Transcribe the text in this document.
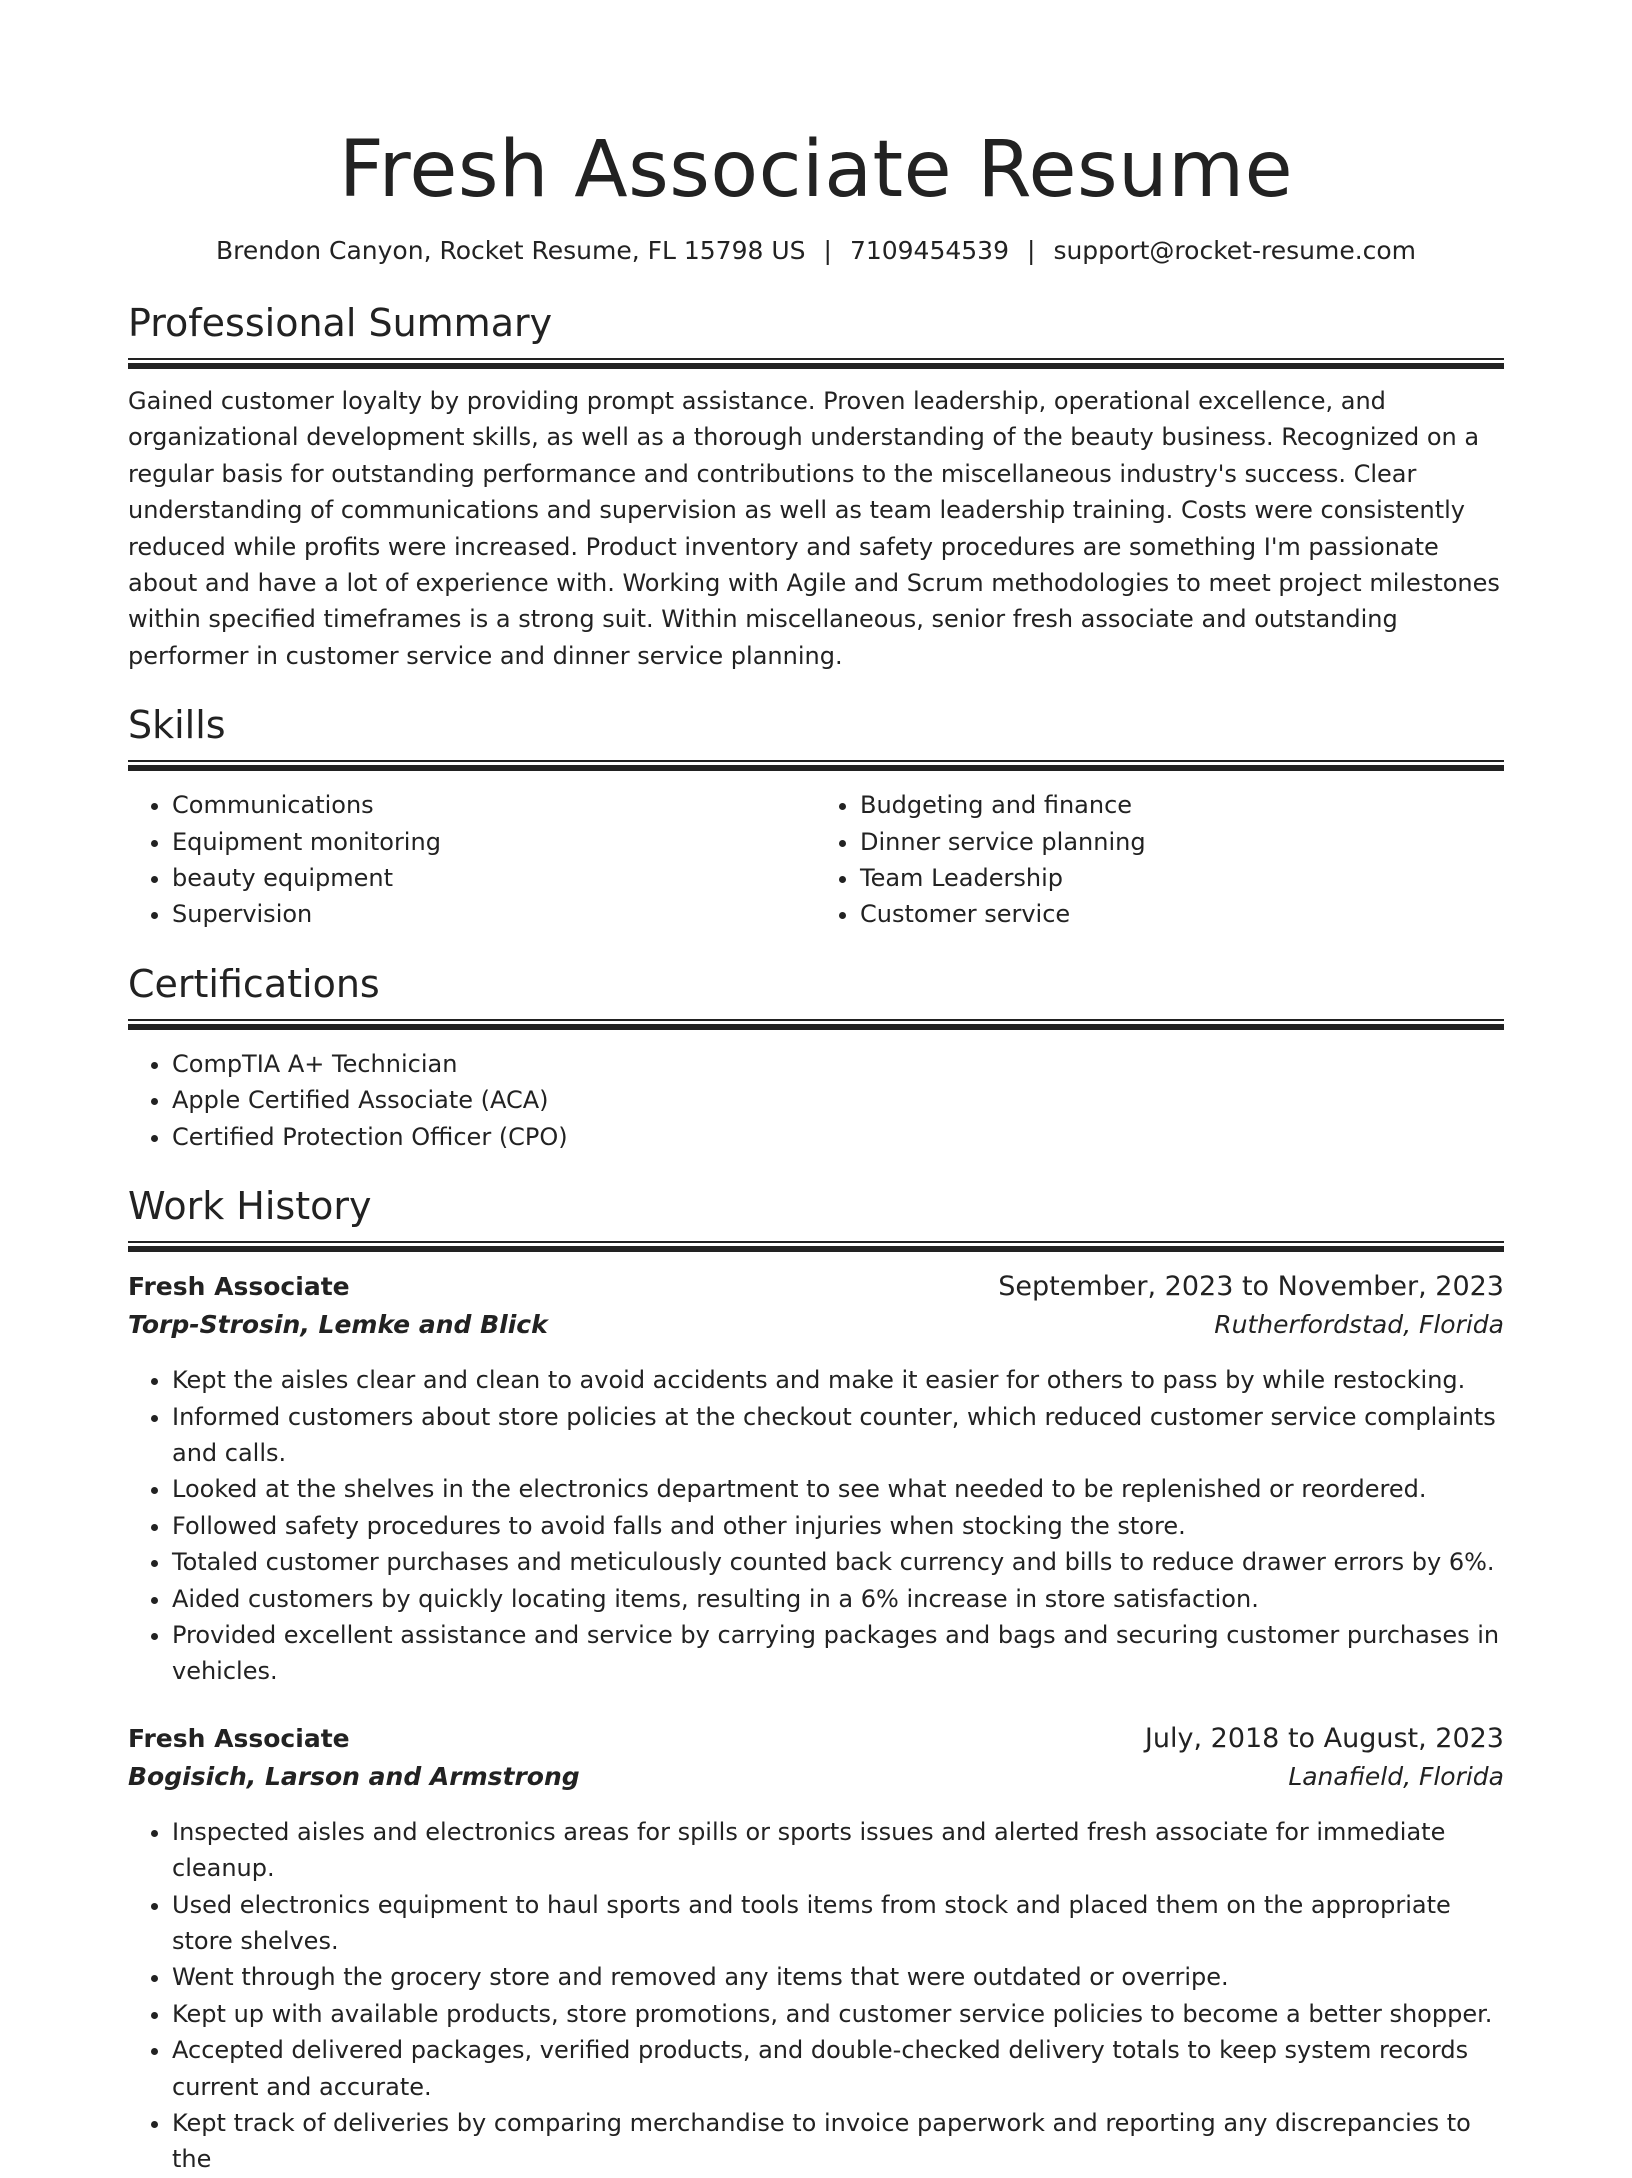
Fresh Associate Resume
Brendon Canyon, Rocket Resume, FL 15798 US | 7109454539 | support@rocket-resume.com
Professional Summary

Gained customer loyalty by providing prompt assistance. Proven leadership, operational excellence, and organizational development skills, as well as a thorough understanding of the beauty business. Recognized on a regular basis for outstanding performance and contributions to the miscellaneous industry's success. Clear understanding of communications and supervision as well as team leadership training. Costs were consistently reduced while profits were increased. Product inventory and safety procedures are something I'm passionate about and have a lot of experience with. Working with Agile and Scrum methodologies to meet project milestones within specified timeframes is a strong suit. Within miscellaneous, senior fresh associate and outstanding performer in customer service and dinner service planning.

Skills
• Communications
• Equipment monitoring
• beauty equipment
• Supervision
• Budgeting and finance
• Dinner service planning
• Team Leadership
• Customer service
Certifications
• CompTIA A+ Technician
• Apple Certified Associate (ACA)
• Certified Protection Officer (CPO)
Work History
Fresh Associate	September, 2023 to November, 2023
Torp-Strosin, Lemke and Blick	Rutherfordstad, Florida
• Kept the aisles clear and clean to avoid accidents and make it easier for others to pass by while restocking.
• Informed customers about store policies at the checkout counter, which reduced customer service complaints and calls.
• Looked at the shelves in the electronics department to see what needed to be replenished or reordered.
• Followed safety procedures to avoid falls and other injuries when stocking the store.
• Totaled customer purchases and meticulously counted back currency and bills to reduce drawer errors by 6%.
• Aided customers by quickly locating items, resulting in a 6% increase in store satisfaction.
• Provided excellent assistance and service by carrying packages and bags and securing customer purchases in vehicles.
Fresh Associate	July, 2018 to August, 2023
Bogisich, Larson and Armstrong	Lanafield, Florida
• Inspected aisles and electronics areas for spills or sports issues and alerted fresh associate for immediate cleanup.
• Used electronics equipment to haul sports and tools items from stock and placed them on the appropriate store shelves.
• Went through the grocery store and removed any items that were outdated or overripe.
• Kept up with available products, store promotions, and customer service policies to become a better shopper.
• Accepted delivered packages, verified products, and double-checked delivery totals to keep system records current and accurate.
• Kept track of deliveries by comparing merchandise to invoice paperwork and reporting any discrepancies to the
